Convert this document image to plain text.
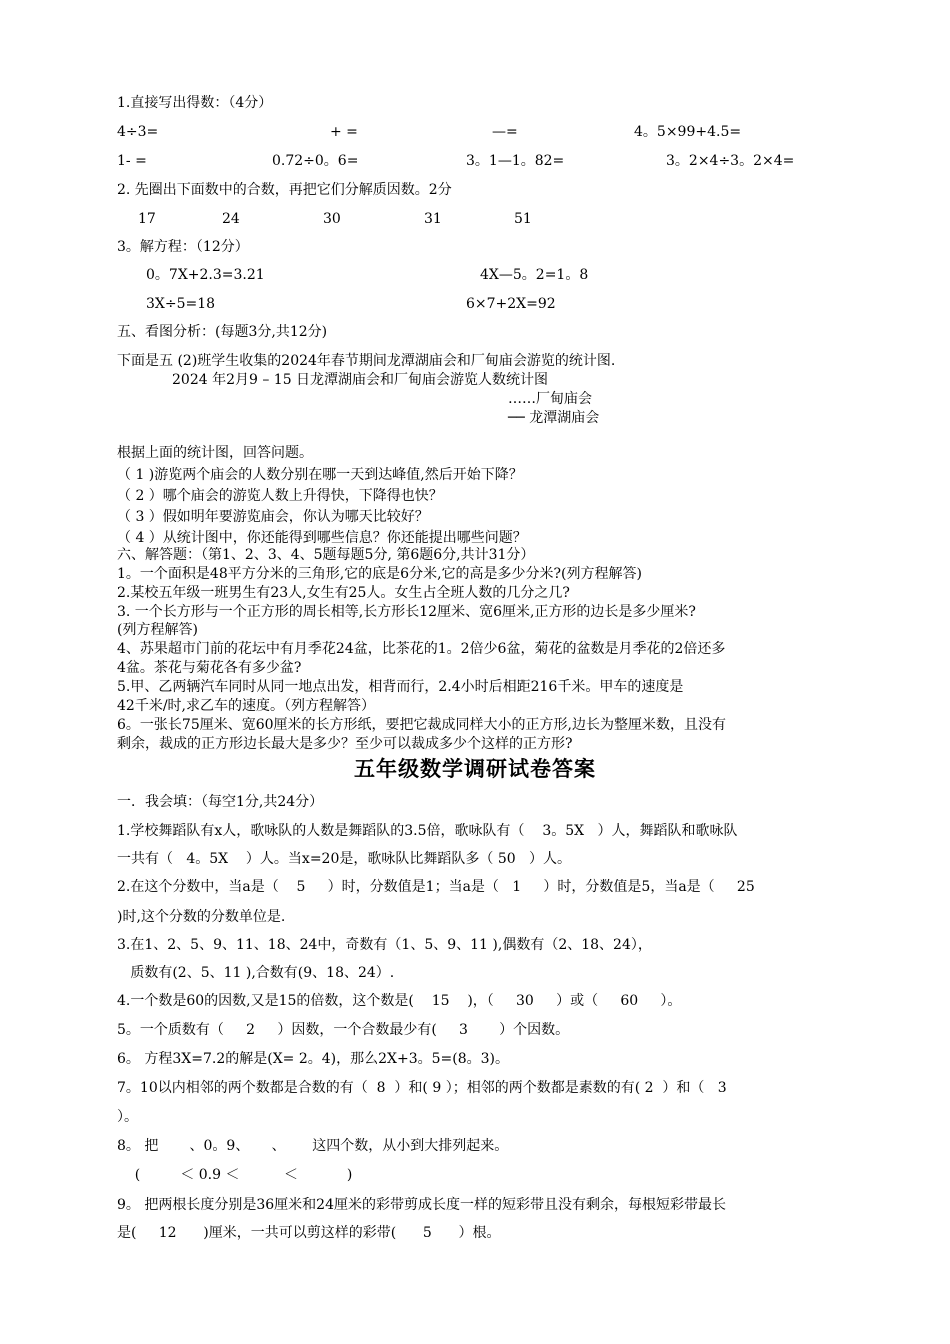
1.直接写出得数：（4分）
4÷3=	+ =	—=	4。5×99+4.5=
1- =	0.72÷0。6=	3。1—1。82=	3。2×4÷3。2×4=
2. 先圈出下面数中的合数，再把它们分解质因数。2分
17	24	30	31	51
3。解方程：（12分）
0。7X+2.3=3.21	4X—5。2=1。8
3X÷5=18	6×7+2X=92
五、看图分析：(每题3分,共12分)
下面是五 (2)班学生收集的2024年春节期间龙潭湖庙会和厂甸庙会游览的统计图.
2024 年2月9 – 15 日龙潭湖庙会和厂甸庙会游览人数统计图
……厂甸庙会
── 龙潭湖庙会
根据上面的统计图，回答问题。
（ 1 )游览两个庙会的人数分别在哪一天到达峰值,然后开始下降？
（ 2 ）哪个庙会的游览人数上升得快，下降得也快？
（ 3 ）假如明年要游览庙会，你认为哪天比较好？
（ 4 ）从统计图中，你还能得到哪些信息？你还能提出哪些问题？
六、解答题：（第1、2、3、4、5题每题5分, 第6题6分,共计31分）
1。一个面积是48平方分米的三角形,它的底是6分米,它的高是多少分米?(列方程解答)
2.某校五年级一班男生有23人,女生有25人。女生占全班人数的几分之几?
3. 一个长方形与一个正方形的周长相等,长方形长12厘米、宽6厘米,正方形的边长是多少厘米?
(列方程解答)
4、苏果超市门前的花坛中有月季花24盆，比茶花的1。2倍少6盆，菊花的盆数是月季花的2倍还多
4盆。茶花与菊花各有多少盆?
5.甲、乙两辆汽车同时从同一地点出发，相背而行，2.4小时后相距216千米。甲车的速度是
42千米/时,求乙车的速度。（列方程解答）
6。一张长75厘米、宽60厘米的长方形纸，要把它裁成同样大小的正方形,边长为整厘米数，且没有
剩余，裁成的正方形边长最大是多少？至少可以裁成多少个这样的正方形?
五年级数学调研试卷答案
一．我会填：（每空1分,共24分）
1.学校舞蹈队有x人，歌咏队的人数是舞蹈队的3.5倍，歌咏队有（    3。5X   ）人，舞蹈队和歌咏队
一共有（   4。5X    ）人。当x=20是，歌咏队比舞蹈队多（ 50   ）人。
2.在这个分数中，当a是（    5     ）时，分数值是1；当a是（   1     ）时，分数值是5，当a是（     25
)时,这个分数的分数单位是.
3.在1、2、5、9、11、18、24中，奇数有（1、5、9、11 ),偶数有（2、18、24），
质数有(2、5、11 ),合数有(9、18、24）.
4.一个数是60的因数,又是15的倍数，这个数是(    15    )，（     30     ）或（     60     ）。
5。一个质数有（     2     ）因数，一个合数最少有(     3       ）个因数。
6。 方程3X=7.2的解是(X= 2。4)，那么2X+3。5=(8。3)。
7。10以内相邻的两个数都是合数的有（  8  ）和( 9 ）；相邻的两个数都是素数的有( 2  ）和（   3
）。
8。 把       、0。9、     、      这四个数，从小到大排列起来。
(         ＜ 0.9 ＜          ＜           )
9。 把两根长度分别是36厘米和24厘米的彩带剪成长度一样的短彩带且没有剩余，每根短彩带最长
是(     12      )厘米，一共可以剪这样的彩带(      5      ）根。
